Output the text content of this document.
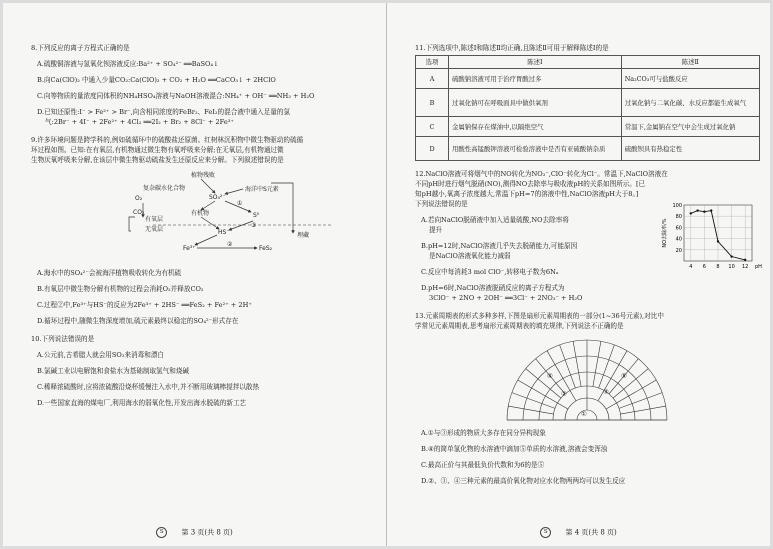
8.下列反应的离子方程式正确的是
A.硫酸铜溶液与氢氧化钡溶液反应:Ba²⁺ + SO₄²⁻ ══BaSO₄↓
B.向Ca(ClO)₂ 中通入少量CO₂:Ca(ClO)₂ + CO₂ + H₂O ══CaCO₃↓ + 2HClO
C.向等物质的量浓度同体积的NH₄HSO₄溶液与NaOH溶液混合:NH₄⁺ + OH⁻ ══NH₃ + H₂O
D.已知还原性:I⁻ > Fe²⁺ > Br⁻,向含相同浓度的FeBr₂、FeI₂的混合液中通入足量的氯
气:2Br⁻ + 4I⁻ + 2Fe²⁺ + 4Cl₂ ══2I₂ + Br₂ + 8Cl⁻ + 2Fe³⁺
9.许多环境问题是跨学科的,例如硫循环中的硫酸盐还原菌。红树林沉积物中微生物驱动的硫循
环过程如图。已知:在有氧层,有机物通过微生物有氧呼吸来分解;在无氧层,有机物通过微
生物厌氧呼吸来分解,在该层中微生物驱动硫盐发生还原反应来分解。下列叙述错误的是
植物残败
复杂碳水化合物	海洋中S元素
SO₄²⁻
O₂
有机物
CO₂
有氧层
无氧层
S⁰
HS⁻
Fe³⁺	FeS₂
埋藏
①
②
③
A.海水中的SO₄²⁻会被海洋植物吸收转化为有机硫
B.有氧层中微生物分解有机物的过程会消耗O₂并释放CO₂
C.过程②中,Fe³⁺与HS⁻的反应为2Fe³⁺ + 2HS⁻ ══FeS₂ + Fe²⁺ + 2H⁺
D.循环过程中,随微生物深度增加,硫元素最终以稳定的SO₄²⁻形式存在
10.下列说法错误的是
A.公元前,古希腊人就会用SO₂来消毒和漂白
B.氯碱工业以电解饱和食盐水为基础制取氢气和烧碱
C.稀释浓硫酸时,应将浓硫酸沿烧杯缓慢注入水中,并不断用玻璃棒搅拌以散热
D.一些国家直海的煤电厂,利用海水的弱氧化性,开发出海水脱硫的新工艺
S	第 3 页(共 8 页)
11.下列选项中,陈述Ⅰ和陈述Ⅱ均正确,且陈述Ⅱ可用于解释陈述Ⅰ的是
选项	陈述Ⅰ	陈述Ⅱ
A	硫酸钠溶液可用于治疗胃酸过多	Na₂CO₃可与盐酸反应
B	过氧化钠可在呼吸面具中做供氧剂	过氧化钠与二氧化碳、水反应都能生成氧气
C	金属钠保存在煤油中,以隔绝空气	常温下,金属钠在空气中会生成过氧化钠
D	用酸性高锰酸钾溶液可检验溶液中是否有亚硫酸钠杂质	硫酸钡具有热稳定性
12.NaClO溶液可将烟气中的NO转化为NO₃⁻,ClO⁻转化为Cl⁻。常温下,NaClO溶液在
不同pH时进行烟气脱硝(NO),测得NO去除率与吸收液pH的关系如图所示。[已
知pH越小,氧离子浓度越大,常温下pH=7的溶液中性,NaClO溶液pH大于8。]
下列说法错误的是
A.若向NaClO脱硝液中加入适量硫酸,NO去除率将
提升
B.pH=12时,NaClO溶液几乎失去脱硝能力,可能原因
是NaClO溶液氧化能力减弱
20
40
60
80
100
4 6 8 10 12 pH
NO去除率/%
C.反应中每消耗3 mol ClO⁻,转移电子数为6Nₐ
D.pH=6时,NaClO溶液脱硝反应的离子方程式为
3ClO⁻ + 2NO + 2OH⁻ ══3Cl⁻ + 2NO₃⁻ + H₂O
13.元素周期表的形式多种多样,下图是扇形元素周期表的一部分(1~36号元素),对比中
学常见元素周期表,思考扇形元素周期表的填充规律,下列说法不正确的是
①
②	③
④	⑤
A.①与③形成的物质大多存在同分异构现象
B.④的简单氢化物的水溶液中滴加⑤单质的水溶液,溶液会变浑浊
C.最高正价与其最低负价代数和为6的是⑤
D.②、③、④三种元素的最高价氧化物对应水化物两两均可以发生反应
S	第 4 页(共 8 页)
